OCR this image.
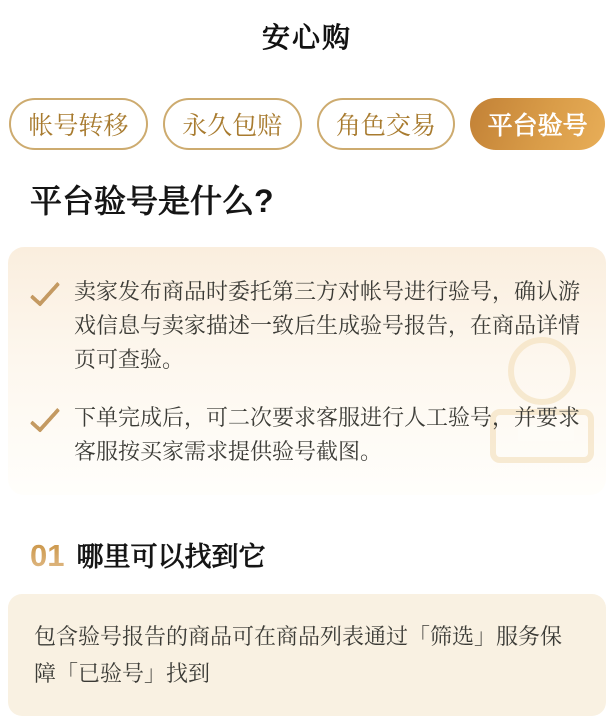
安心购
帐号转移 永久包赔 角色交易 平台验号
平台验号是什么?
卖家发布商品时委托第三方对帐号进行验号，确认游戏信息与卖家描述一致后生成验号报告，在商品详情页可查验。
下单完成后，可二次要求客服进行人工验号，并要求客服按买家需求提供验号截图。
01 哪里可以找到它
包含验号报告的商品可在商品列表通过「筛选」服务保障「已验号」找到
